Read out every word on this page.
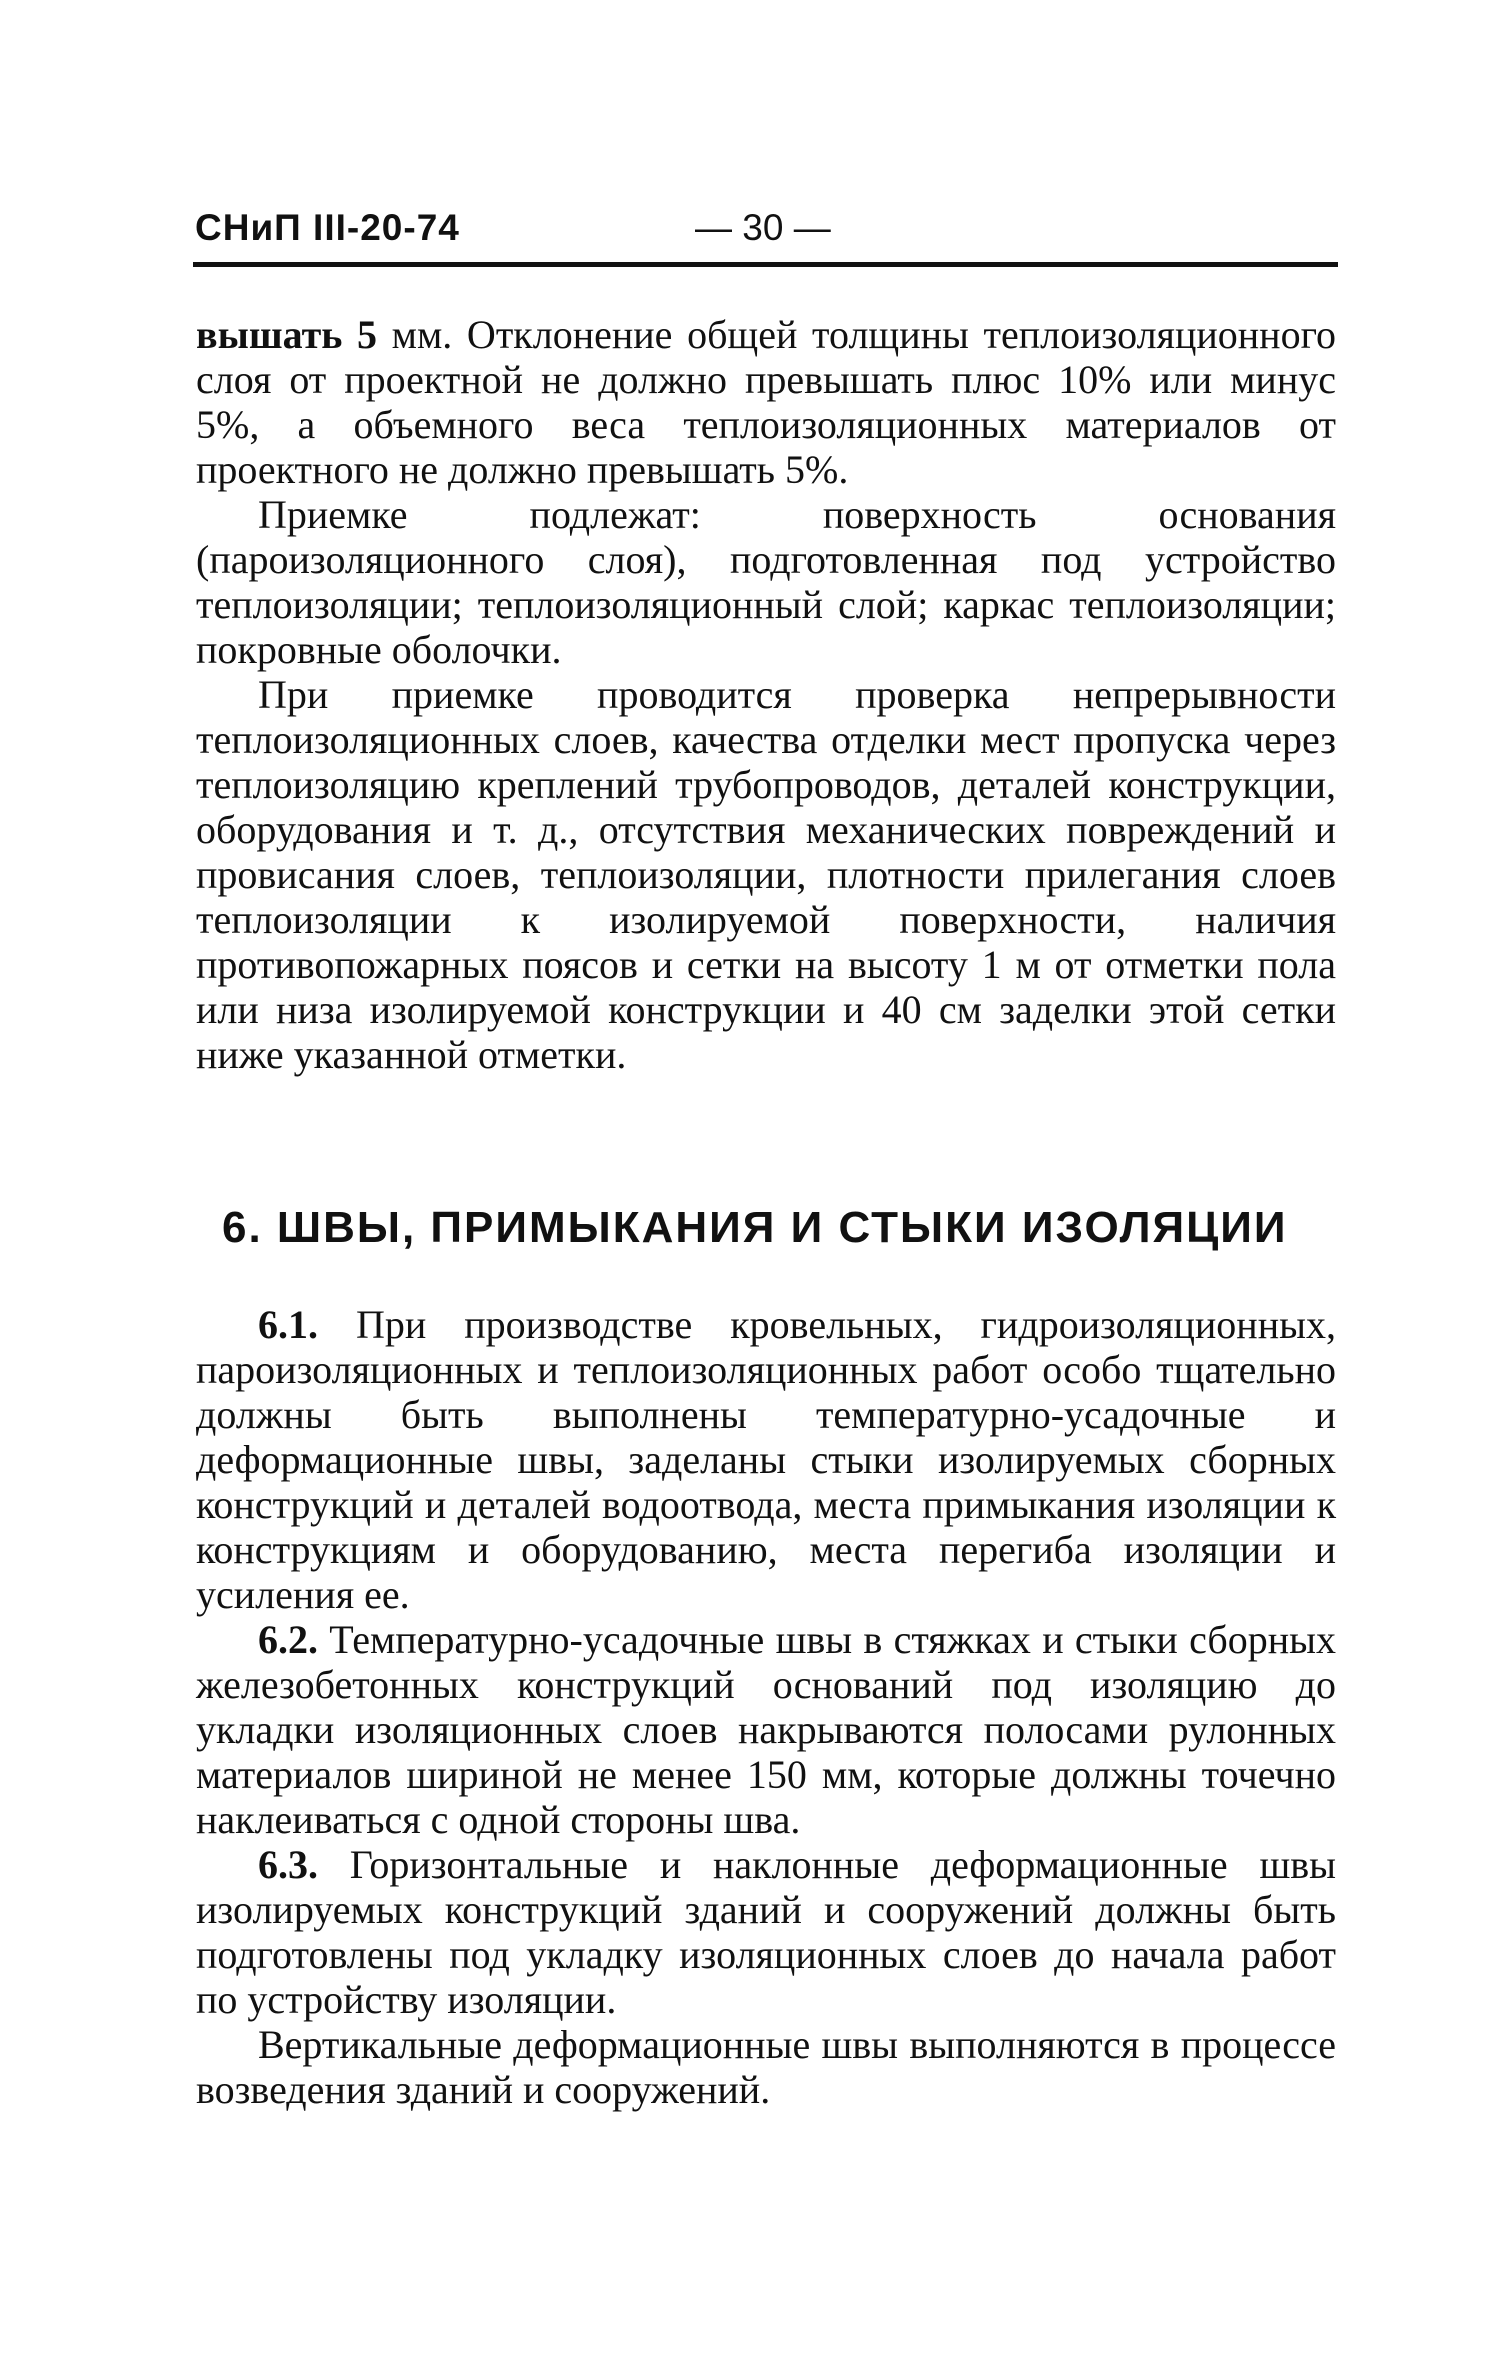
СНиП III-20-74	— 30 —

вышать 5 мм. Отклонение общей толщины теплоизоляционного слоя от проектной не должно превышать плюс 10% или минус 5%, а объемного веса теплоизоляционных материалов от проектного не должно превышать 5%.

Приемке подлежат: поверхность основания (пароизоляционного слоя), подготовленная под устройство теплоизоляции; теплоизоляционный слой; каркас теплоизоляции; покровные оболочки.

При приемке проводится проверка непрерывности теплоизоляционных слоев, качества отделки мест пропуска через теплоизоляцию креплений трубопроводов, деталей конструкции, оборудования и т. д., отсутствия механических повреждений и провисания слоев, теплоизоляции, плотности прилегания слоев теплоизоляции к изолируемой поверхности, наличия противопожарных поясов и сетки на высоту 1 м от отметки пола или низа изолируемой конструкции и 40 см заделки этой сетки ниже указанной отметки.

6. ШВЫ, ПРИМЫКАНИЯ И СТЫКИ ИЗОЛЯЦИИ

6.1. При производстве кровельных, гидроизоляционных, пароизоляционных и теплоизоляционных работ особо тщательно должны быть выполнены температурно-усадочные и деформационные швы, заделаны стыки изолируемых сборных конструкций и деталей водоотвода, места примыкания изоляции к конструкциям и оборудованию, места перегиба изоляции и усиления ее.

6.2. Температурно-усадочные швы в стяжках и стыки сборных железобетонных конструкций оснований под изоляцию до укладки изоляционных слоев накрываются полосами рулонных материалов шириной не менее 150 мм, которые должны точечно наклеиваться с одной стороны шва.

6.3. Горизонтальные и наклонные деформационные швы изолируемых конструкций зданий и сооружений должны быть подготовлены под укладку изоляционных слоев до начала работ по устройству изоляции.

Вертикальные деформационные швы выполняются в процессе возведения зданий и сооружений.
